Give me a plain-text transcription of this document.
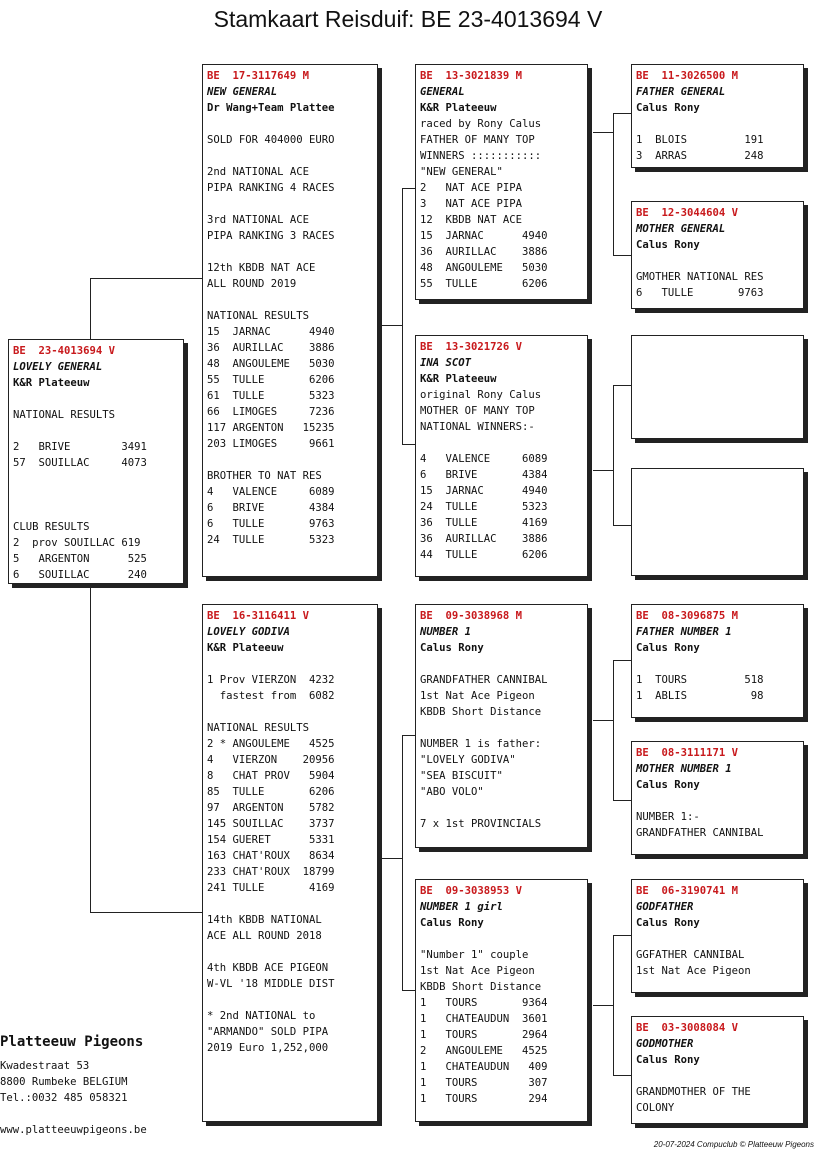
Stamkaart Reisduif: BE 23-4013694 V
BE  23-4013694 V
LOVELY GENERAL
K&R Plateeuw
NATIONAL RESULTS
2   BRIVE        3491
57  SOUILLAC     4073
CLUB RESULTS
2  prov SOUILLAC 619
5   ARGENTON      525
6   SOUILLAC      240
BE  17-3117649 M
NEW GENERAL
Dr Wang+Team Plattee
SOLD FOR 404000 EURO
2nd NATIONAL ACE
PIPA RANKING 4 RACES
3rd NATIONAL ACE
PIPA RANKING 3 RACES
12th KBDB NAT ACE
ALL ROUND 2019
NATIONAL RESULTS
15  JARNAC      4940
36  AURILLAC    3886
48  ANGOULEME   5030
55  TULLE       6206
61  TULLE       5323
66  LIMOGES     7236
117 ARGENTON   15235
203 LIMOGES     9661
BROTHER TO NAT RES
4   VALENCE     6089
6   BRIVE       4384
6   TULLE       9763
24  TULLE       5323
BE  16-3116411 V
LOVELY GODIVA
K&R Plateeuw
1 Prov VIERZON  4232
fastest from  6082
NATIONAL RESULTS
2 * ANGOULEME   4525
4   VIERZON    20956
8   CHAT PROV   5904
85  TULLE       6206
97  ARGENTON    5782
145 SOUILLAC    3737
154 GUERET      5331
163 CHAT'ROUX   8634
233 CHAT'ROUX  18799
241 TULLE       4169
14th KBDB NATIONAL
ACE ALL ROUND 2018
4th KBDB ACE PIGEON
W-VL '18 MIDDLE DIST
* 2nd NATIONAL to
"ARMANDO" SOLD PIPA
2019 Euro 1,252,000
BE  13-3021839 M
GENERAL
K&R Plateeuw
raced by Rony Calus
FATHER OF MANY TOP
WINNERS :::::::::::
"NEW GENERAL"
2   NAT ACE PIPA
3   NAT ACE PIPA
12  KBDB NAT ACE
15  JARNAC      4940
36  AURILLAC    3886
48  ANGOULEME   5030
55  TULLE       6206
BE  13-3021726 V
INA SCOT
K&R Plateeuw
original Rony Calus
MOTHER OF MANY TOP
NATIONAL WINNERS:-
4   VALENCE     6089
6   BRIVE       4384
15  JARNAC      4940
24  TULLE       5323
36  TULLE       4169
36  AURILLAC    3886
44  TULLE       6206
BE  09-3038968 M
NUMBER 1
Calus Rony
GRANDFATHER CANNIBAL
1st Nat Ace Pigeon
KBDB Short Distance
NUMBER 1 is father:
"LOVELY GODIVA"
"SEA BISCUIT"
"ABO VOLO"
7 x 1st PROVINCIALS
BE  09-3038953 V
NUMBER 1 girl
Calus Rony
"Number 1" couple
1st Nat Ace Pigeon
KBDB Short Distance
1   TOURS       9364
1   CHATEAUDUN  3601
1   TOURS       2964
2   ANGOULEME   4525
1   CHATEAUDUN   409
1   TOURS        307
1   TOURS        294
BE  11-3026500 M
FATHER GENERAL
Calus Rony
1  BLOIS         191
3  ARRAS         248
BE  12-3044604 V
MOTHER GENERAL
Calus Rony
GMOTHER NATIONAL RES
6   TULLE       9763
BE  08-3096875 M
FATHER NUMBER 1
Calus Rony
1  TOURS         518
1  ABLIS          98
BE  08-3111171 V
MOTHER NUMBER 1
Calus Rony
NUMBER 1:-
GRANDFATHER CANNIBAL
BE  06-3190741 M
GODFATHER
Calus Rony
GGFATHER CANNIBAL
1st Nat Ace Pigeon
BE  03-3008084 V
GODMOTHER
Calus Rony
GRANDMOTHER OF THE
COLONY
Platteeuw Pigeons
Kwadestraat 53
8800 Rumbeke BELGIUM
Tel.:0032 485 058321
www.platteeuwpigeons.be
20-07-2024 Compuclub © Platteeuw Pigeons
